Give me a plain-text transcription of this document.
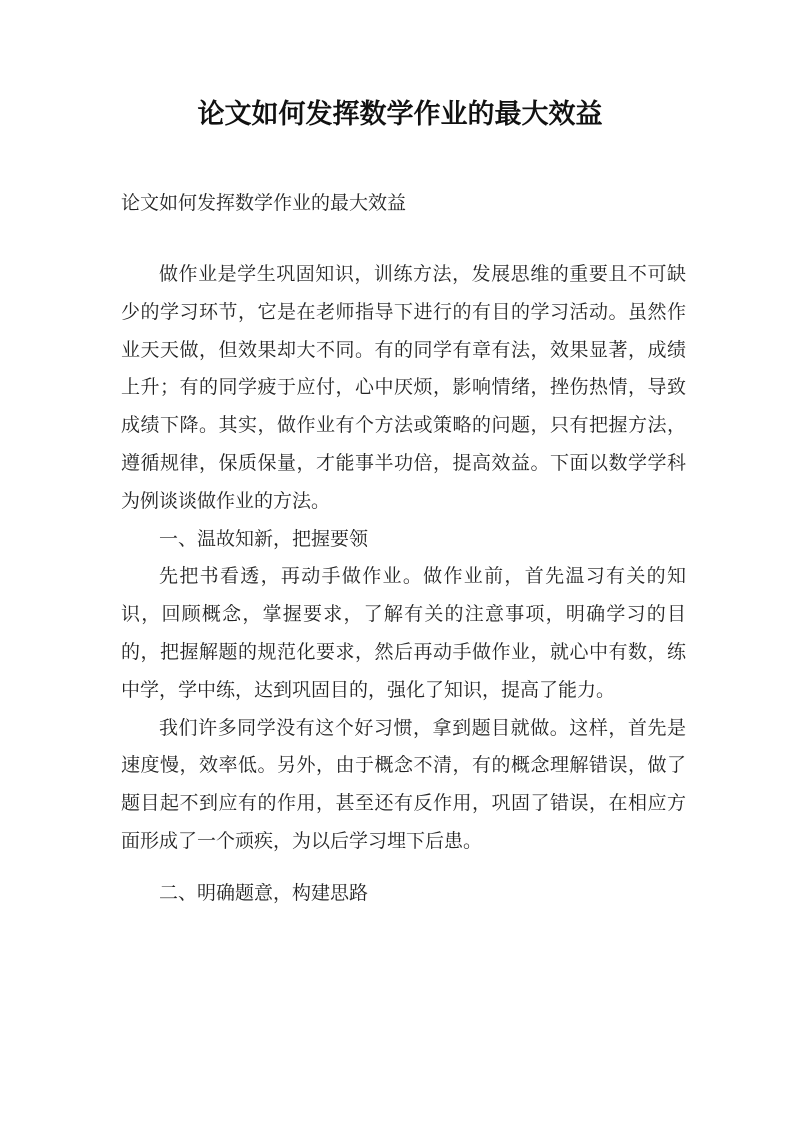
论文如何发挥数学作业的最大效益
论文如何发挥数学作业的最大效益

做作业是学生巩固知识，训练方法，发展思维的重要且不可缺少的学习环节，它是在老师指导下进行的有目的学习活动。虽然作业天天做，但效果却大不同。有的同学有章有法，效果显著，成绩上升；有的同学疲于应付，心中厌烦，影响情绪，挫伤热情，导致成绩下降。其实，做作业有个方法或策略的问题，只有把握方法，遵循规律，保质保量，才能事半功倍，提高效益。下面以数学学科为例谈谈做作业的方法。

一、温故知新，把握要领

先把书看透，再动手做作业。做作业前，首先温习有关的知识，回顾概念，掌握要求，了解有关的注意事项，明确学习的目的，把握解题的规范化要求，然后再动手做作业，就心中有数，练中学，学中练，达到巩固目的，强化了知识，提高了能力。

我们许多同学没有这个好习惯，拿到题目就做。这样，首先是速度慢，效率低。另外，由于概念不清，有的概念理解错误，做了题目起不到应有的作用，甚至还有反作用，巩固了错误，在相应方面形成了一个顽疾，为以后学习埋下后患。

二、明确题意，构建思路
